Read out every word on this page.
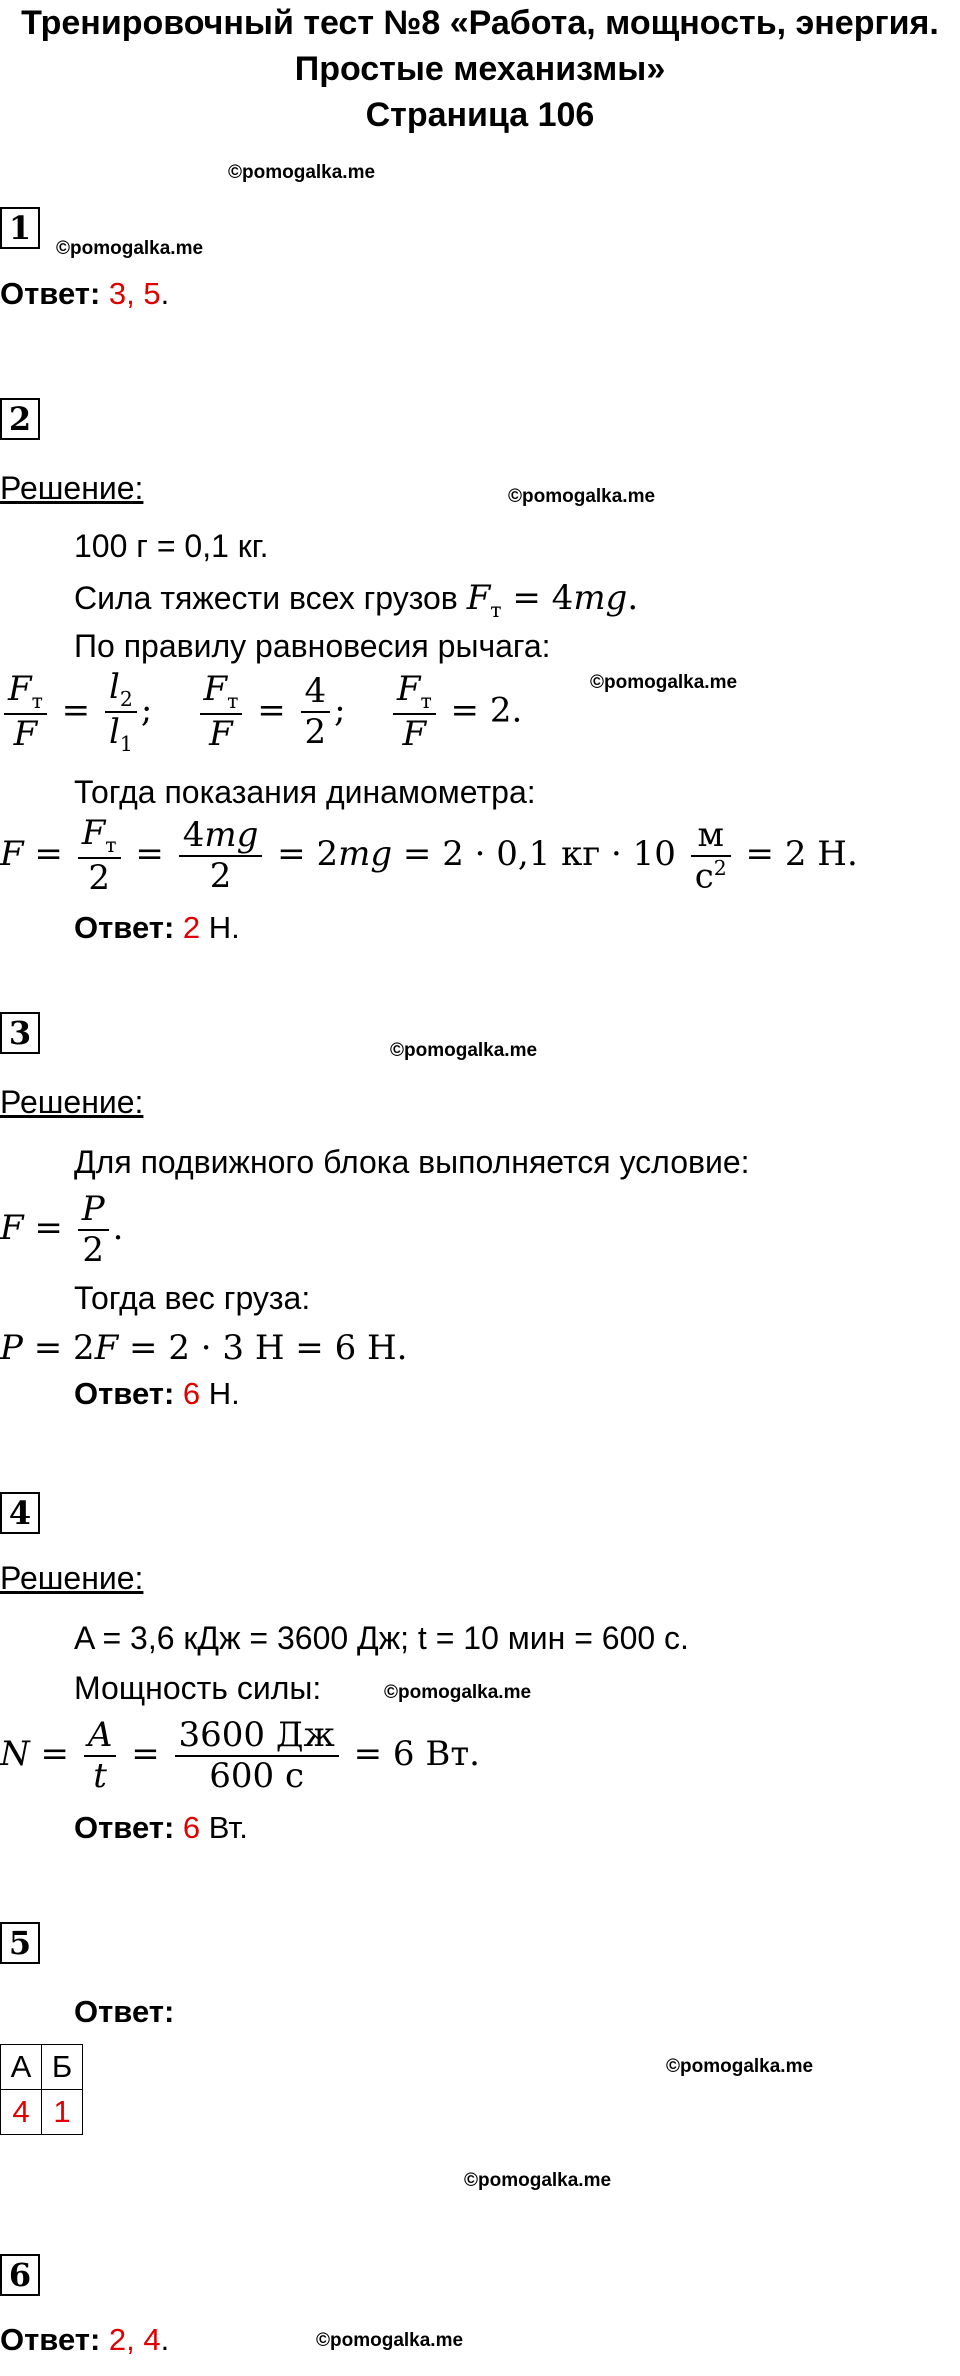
Тренировочный тест №8 «Работа, мощность, энергия.
Простые механизмы»
Страница 106
©pomogalka.me
1
©pomogalka.me
Ответ: 3, 5.
2
Решение:	©pomogalka.me
100 г = 0,1 кг.
Сила тяжести всех грузов $F_т = 4mg$.
По правилу равновесия рычага:
©pomogalka.me
$\frac{F_т}{F} = \frac{l_2}{l_1}$ ; $\frac{F_т}{F} = \frac{4}{2}$ ; $\frac{F_т}{F} = 2$.
Тогда показания динамометра:
$F = \frac{F_т}{2} = \frac{4mg}{2} = 2mg = 2 \cdot 0,1$ кг · $10 \frac{м}{с^2} = 2$ Н.
Ответ: 2 Н.
3	©pomogalka.me
Решение:
Для подвижного блока выполняется условие:
$F = \frac{P}{2}$ .
Тогда вес груза:
P = 2F = 2 · 3 Н = 6 Н.
Ответ: 6 Н.
4
Решение:
A = 3,6 кДж = 3600 Дж; t = 10 мин = 600 с.
Мощность силы:	©pomogalka.me
$N = \frac{A}{t} = \frac{3600 Дж}{600 с} = 6$ Вт.
Ответ: 6 Вт.
5
Ответ:
А	Б
4	1
©pomogalka.me
©pomogalka.me
6
Ответ: 2, 4.	©pomogalka.me
